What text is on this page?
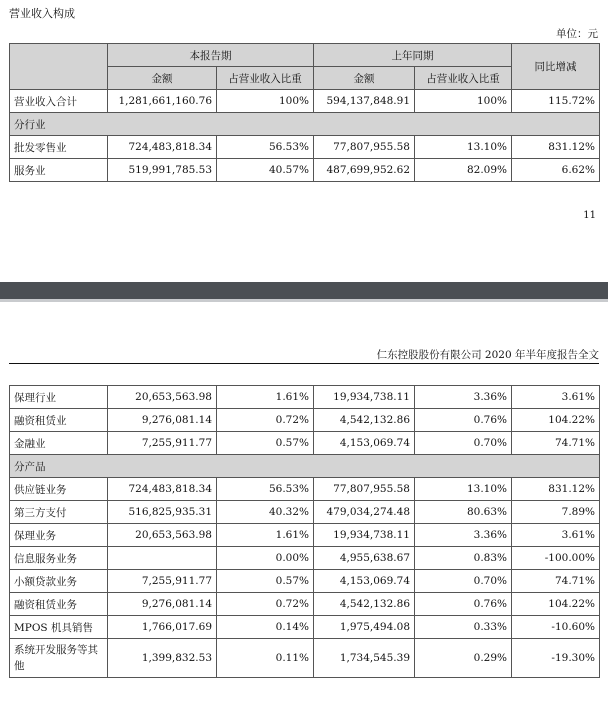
营业收入构成
单位：元
	本报告期		上年同期		同比增减
	金额	占营业收入比重	金额	占营业收入比重	
营业收入合计	1,281,661,160.76	100%	594,137,848.91	100%	115.72%
分行业					
批发零售业	724,483,818.34	56.53%	77,807,955.58	13.10%	831.12%
服务业	519,991,785.53	40.57%	487,699,952.62	82.09%	6.62%
11
仁东控股股份有限公司 2020 年半年度报告全文
保理行业	20,653,563.98	1.61%	19,934,738.11	3.36%	3.61%
融资租赁业	9,276,081.14	0.72%	4,542,132.86	0.76%	104.22%
金融业	7,255,911.77	0.57%	4,153,069.74	0.70%	74.71%
分产品					
供应链业务	724,483,818.34	56.53%	77,807,955.58	13.10%	831.12%
第三方支付	516,825,935.31	40.32%	479,034,274.48	80.63%	7.89%
保理业务	20,653,563.98	1.61%	19,934,738.11	3.36%	3.61%
信息服务业务		0.00%	4,955,638.67	0.83%	-100.00%
小额贷款业务	7,255,911.77	0.57%	4,153,069.74	0.70%	74.71%
融资租赁业务	9,276,081.14	0.72%	4,542,132.86	0.76%	104.22%
MPOS 机具销售	1,766,017.69	0.14%	1,975,494.08	0.33%	-10.60%
系统开发服务等其他	1,399,832.53	0.11%	1,734,545.39	0.29%	-19.30%
